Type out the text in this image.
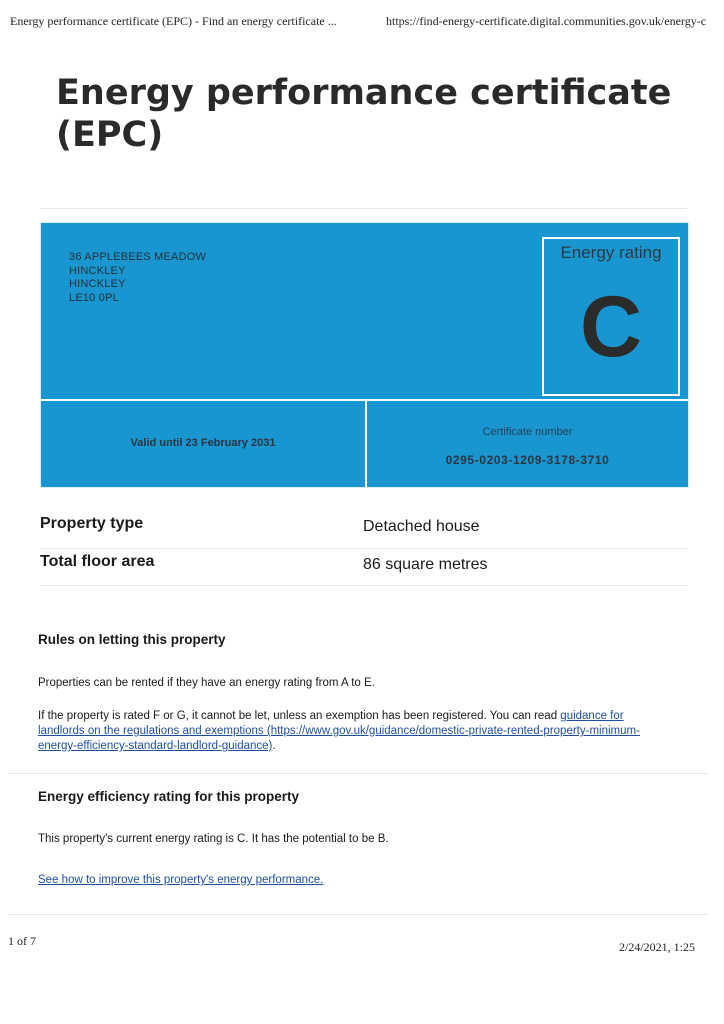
Energy performance certificate (EPC) - Find an energy certificate ...	https://find-energy-certificate.digital.communities.gov.uk/energy-c
Energy performance certificate (EPC)
36 APPLEBEES MEADOW
HINCKLEY
HINCKLEY
LE10 0PL
Energy rating
C
Valid until 23 February 2031
Certificate number
0295-0203-1209-3178-3710
Property type	Detached house
Total floor area	86 square metres
Rules on letting this property

Properties can be rented if they have an energy rating from A to E.

If the property is rated F or G, it cannot be let, unless an exemption has been registered. You can read guidance for landlords on the regulations and exemptions (https://www.gov.uk/guidance/domestic-private-rented-property-minimum-energy-efficiency-standard-landlord-guidance).

Energy efficiency rating for this property

This property's current energy rating is C. It has the potential to be B.

See how to improve this property's energy performance.

1 of 7	2/24/2021, 1:25
